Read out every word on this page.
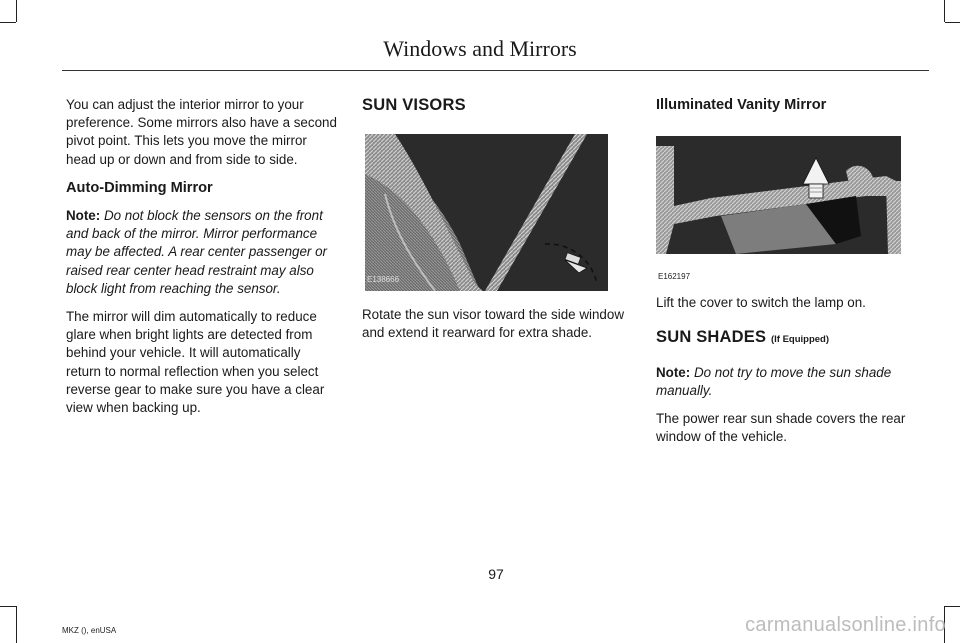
Windows and Mirrors

You can adjust the interior mirror to your preference. Some mirrors also have a second pivot point. This lets you move the mirror head up or down and from side to side.

Auto-Dimming Mirror

Note: Do not block the sensors on the front and back of the mirror. Mirror performance may be affected. A rear center passenger or raised rear center head restraint may also block light from reaching the sensor.

The mirror will dim automatically to reduce glare when bright lights are detected from behind your vehicle. It will automatically return to normal reflection when you select reverse gear to make sure you have a clear view when backing up.

SUN VISORS
E138666

Rotate the sun visor toward the side window and extend it rearward for extra shade.

Illuminated Vanity Mirror
E162197

Lift the cover to switch the lamp on.

SUN SHADES (If Equipped)

Note: Do not try to move the sun shade manually.

The power rear sun shade covers the rear window of the vehicle.

97
MKZ (), enUSA	carmanualsonline.info
